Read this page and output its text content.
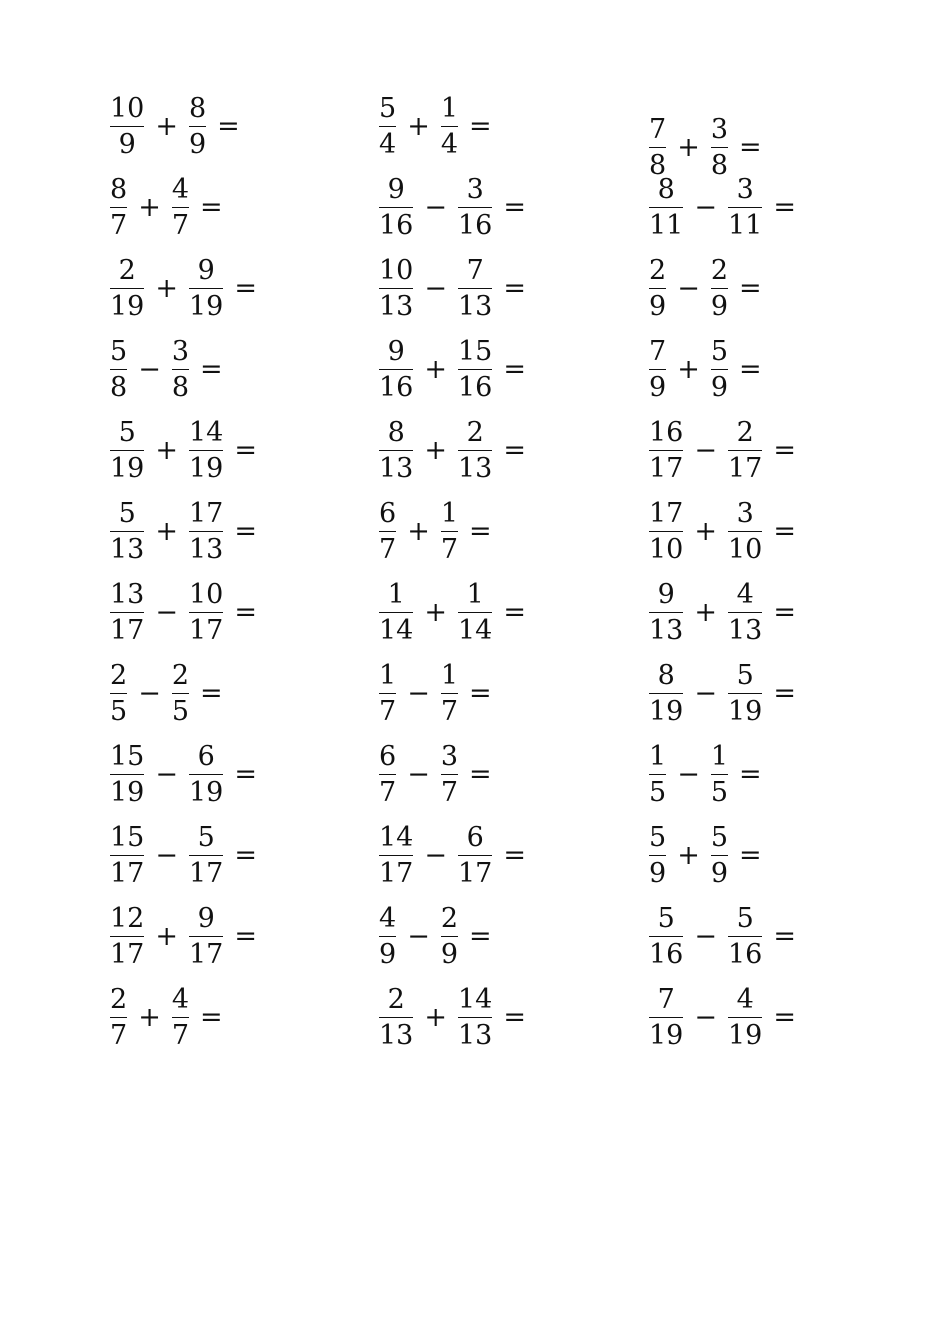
$\frac{10}{9} + \frac{8}{9}$ =
$\frac{8}{7} + \frac{4}{7}$ =
$\frac{2}{19} + \frac{9}{19}$ =
$\frac{5}{8} - \frac{3}{8}$ =
$\frac{5}{19} + \frac{14}{19}$ =
$\frac{5}{13} + \frac{17}{13}$ =
$\frac{13}{17} - \frac{10}{17}$ =
$\frac{2}{5} - \frac{2}{5}$ =
$\frac{15}{19} - \frac{6}{19}$ =
$\frac{15}{17} - \frac{5}{17}$ =
$\frac{12}{17} + \frac{9}{17}$ =
$\frac{2}{7} + \frac{4}{7}$ =
$\frac{5}{4} + \frac{1}{4}$ =
$\frac{9}{16} - \frac{3}{16}$ =
$\frac{10}{13} - \frac{7}{13}$ =
$\frac{9}{16} + \frac{15}{16}$ =
$\frac{8}{13} + \frac{2}{13}$ =
$\frac{6}{7} + \frac{1}{7}$ =
$\frac{1}{14} + \frac{1}{14}$ =
$\frac{1}{7} - \frac{1}{7}$ =
$\frac{6}{7} - \frac{3}{7}$ =
$\frac{14}{17} - \frac{6}{17}$ =
$\frac{4}{9} - \frac{2}{9}$ =
$\frac{2}{13} + \frac{14}{13}$ =
$\frac{7}{8} + \frac{3}{8}$ =
$\frac{8}{11} - \frac{3}{11}$ =
$\frac{2}{9} - \frac{2}{9}$ =
$\frac{7}{9} + \frac{5}{9}$ =
$\frac{16}{17} - \frac{2}{17}$ =
$\frac{17}{10} + \frac{3}{10}$ =
$\frac{9}{13} + \frac{4}{13}$ =
$\frac{8}{19} - \frac{5}{19}$ =
$\frac{1}{5} - \frac{1}{5}$ =
$\frac{5}{9} + \frac{5}{9}$ =
$\frac{5}{16} - \frac{5}{16}$ =
$\frac{7}{19} - \frac{4}{19}$ =
